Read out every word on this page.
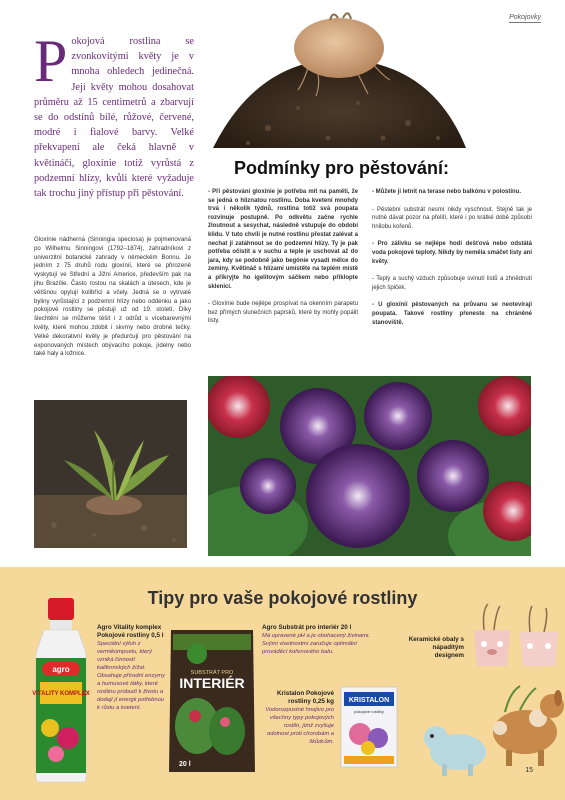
Pokojovky

Pokojová rostlina se zvonkovitými květy je v mnoha ohledech jedinečná. Její květy mohou dosahovat průměru až 15 centimetrů a zbarvují se do odstínů bílé, růžové, červené, modré i fialové barvy. Velké překvapení ale čeká hlavně v květináči, gloxínie totiž vyrůstá z podzemní hlízy, kvůli které vyžaduje tak trochu jiný přístup při pěstování.

Gloxínie nádherná (Sinningia speciosa) je pojmenovaná po Wilhelmu Sinningovi (1792–1874), zahradníkovi z univerzitní botanické zahrady v německém Bonnu. Je jedním z 75 druhů rodu gloxínií, které se přirozeně vyskytují ve Střední a Jižní Americe, především pak na jihu Brazílie. Často rostou na skalách a útesech, kde je většinou opylují kolibříci a včely. Jedná se o vytrvalé byliny vyrůstající z podzemní hlízy nebo oddenku a jako pokojové rostliny se pěstují už od 19. století. Díky šlechtění se můžeme těšit i z odrůd s vícebarevnými květy, které mohou zdobit i skvrny nebo drobné tečky. Velké dekorativní květy je předurčují pro pěstování na exponovaných místech obývacího pokoje, jídelny nebo také haly a ložnice.

Podmínky pro pěstování:

- Při pěstování gloxínie je potřeba mít na paměti, že se jedná o hliznatou rostlinu. Doba kvetení mnohdy trvá i několik týdnů, rostlina totiž svá poupata rozvinuje postupně. Po odkvětu začne rychle žloutnout a sesychat, následně vstupuje do období klidu. V tuto chvíli je nutné rostlinu přestat zalévat a nechat ji zatáhnout se do podzemní hlízy. Ty je pak potřeba očistit a v suchu a teple je uschovat až do jara, kdy se podobně jako begónie vysadí mělce do zeminy. Květináč s hlízami umístěte na teplém místě a přikryjte ho igelitovým sáčkem nebo příklopte sklenicí.

- Gloxínie bude nejlépe prospívat na okenním parapetu bez přímých slunečních paprsků, které by mohly popálit listy.

- Můžete ji letnit na terase nebo balkónu v polostínu.

- Pěstební substrát nesmí nikdy vyschnout. Stejně tak je nutné dávat pozor na přelití, které i po krátké době způsobí hnilobu kořenů.

- Pro zálivku se nejlépe hodí dešťová nebo odstátá voda pokojové teploty. Nikdy by neměla smáčet listy ani květy.

- Teplý a suchý vzduch způsobuje svinutí listů a zhnědnutí jejich špiček.

- U gloxínií pěstovaných na průvanu se neotevírají poupata. Takové rostliny přeneste na chráněné stanoviště.

Tipy pro vaše pokojové rostliny
agro
VITALITY KOMPLEX
Agro Vitality komplex Pokojové rostliny 0,5 l
Speciální výluh z vermikompostu, který vzniká činností kalifornských žížal. Obsahuje přírodní enzymy a humusové látky, které rostlinu probudí k životu a dodají jí energii potřebnou k růstu a kvetení.
SUBSTRÁT PRO
INTERIÉR
20 l
Agro Substrát pro interiér 20 l
Má upravené pH a je obohacený živinami. Svými vlastnostmi zaručuje optimální prováděcí kořenového balu.
Kristalon Pokojové rostliny 0,25 kg
Vodorozpustné hnojivo pro všechny typy pokojových rostlin, jímž zvyšuje odolnost proti chorobám a škůdcům.
KRISTALON
pokojové rostliny
Keramické obaly s nápaditým designem
15
